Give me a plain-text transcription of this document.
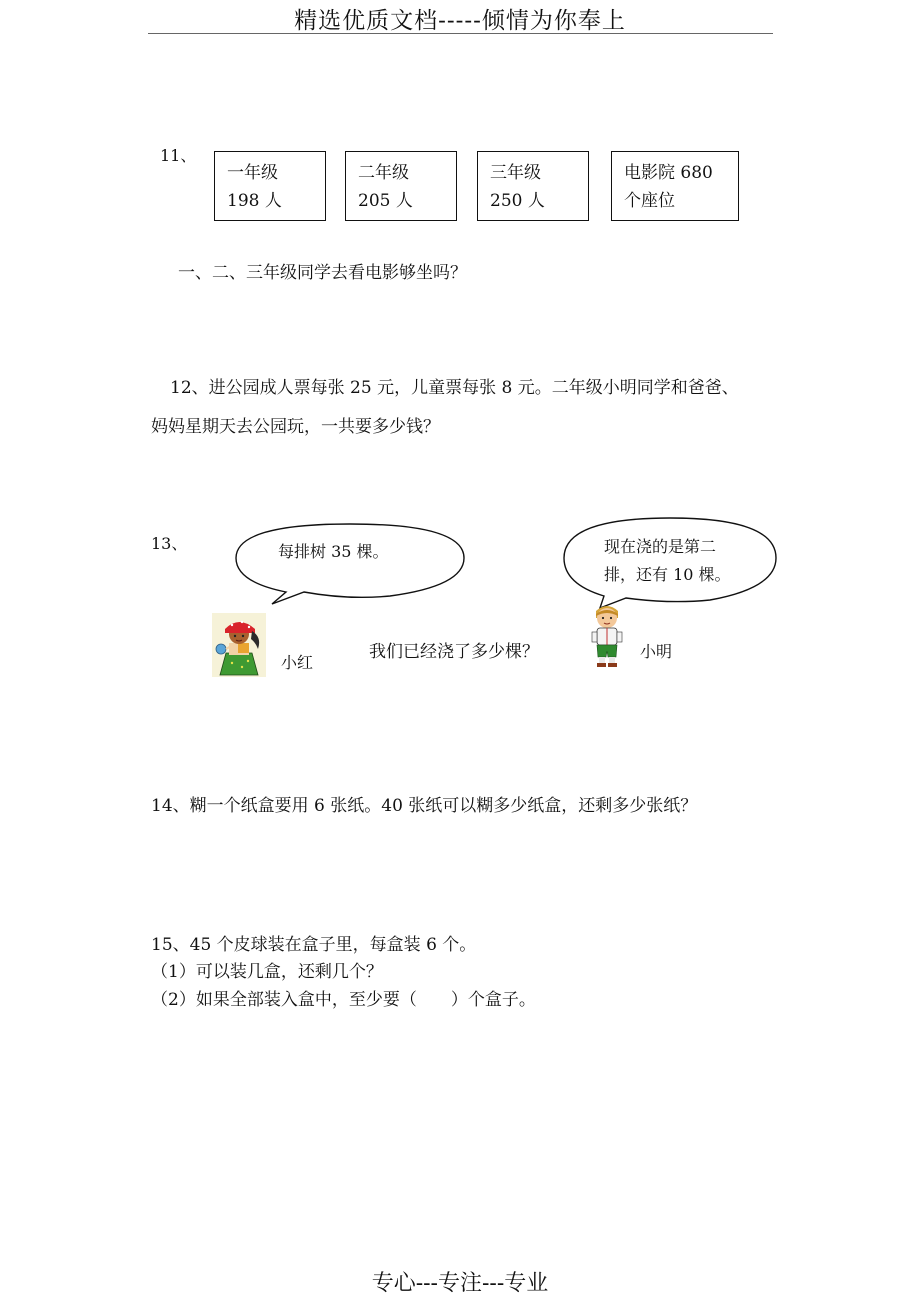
精选优质文档-----倾情为你奉上
11、
一年级
198 人
二年级
205 人
三年级
250 人
电影院 680
个座位
一、二、三年级同学去看电影够坐吗？
12、进公园成人票每张 25 元，儿童票每张 8 元。二年级小明同学和爸爸、
妈妈星期天去公园玩，一共要多少钱？
13、	每排树 35 棵。	现在浇的是第二
排，还有 10 棵。
小红
我们已经浇了多少棵？	小明
14、糊一个纸盒要用 6 张纸。40 张纸可以糊多少纸盒，还剩多少张纸？
15、45 个皮球装在盒子里，每盒装 6 个。
（1）可以装几盒，还剩几个？
（2）如果全部装入盒中，至少要（　　）个盒子。
专心---专注---专业
